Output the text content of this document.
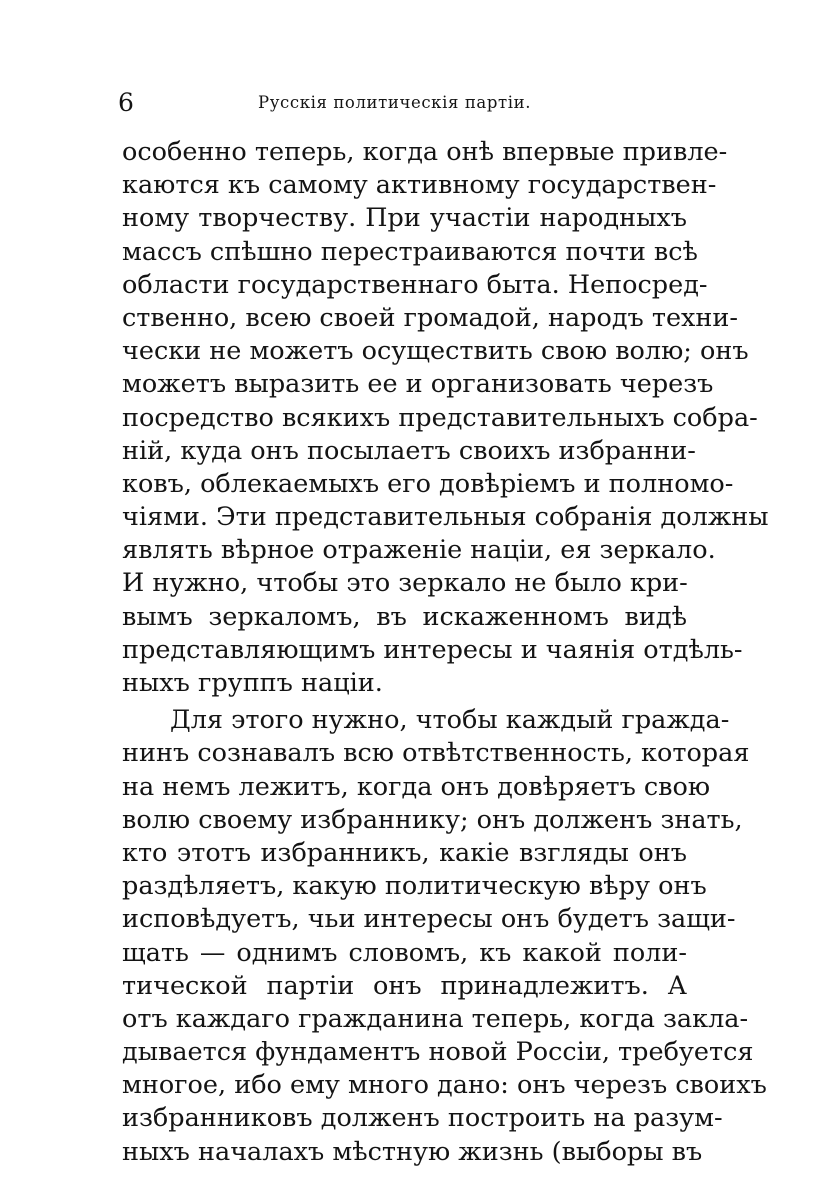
6	Русскія политическія партіи.
особенно теперь, когда онѣ впервые привле-
каются къ самому активному государствен-
ному творчеству. При участіи народныхъ
массъ спѣшно перестраиваются почти всѣ
области государственнаго быта. Непосред-
ственно, всею своей громадой, народъ техни-
чески не можетъ осуществить свою волю; онъ
можетъ выразить ее и организовать черезъ
посредство всякихъ представительныхъ собра-
ній, куда онъ посылаетъ своихъ избранни-
ковъ, облекаемыхъ его довѣріемъ и полномо-
чіями. Эти представительныя собранія должны
являть вѣрное отраженіе націи, ея зеркало.
И нужно, чтобы это зеркало не было кри-
вымъ зеркаломъ, въ искаженномъ видѣ
представляющимъ интересы и чаянія отдѣль-
ныхъ группъ націи.
Для этого нужно, чтобы каждый гражда-
нинъ сознавалъ всю отвѣтственность, которая
на немъ лежитъ, когда онъ довѣряетъ свою
волю своему избраннику; онъ долженъ знать,
кто этотъ избранникъ, какіе взгляды онъ
раздѣляетъ, какую политическую вѣру онъ
исповѣдуетъ, чьи интересы онъ будетъ защи-
щать — однимъ словомъ, къ какой поли-
тической партіи онъ принадлежитъ. А
отъ каждаго гражданина теперь, когда закла-
дывается фундаментъ новой Россіи, требуется
многое, ибо ему много дано: онъ черезъ своихъ
избранниковъ долженъ построить на разум-
ныхъ началахъ мѣстную жизнь (выборы въ
